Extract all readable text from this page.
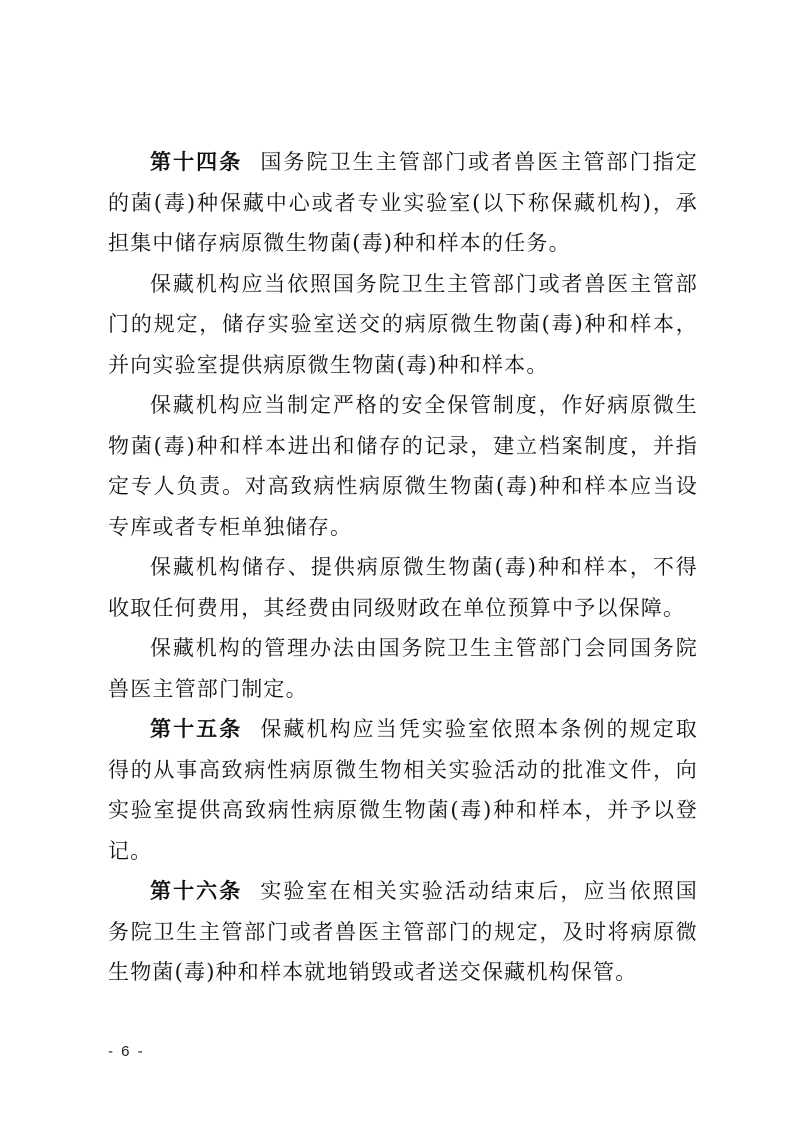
第十四条 国务院卫生主管部门或者兽医主管部门指定的菌(毒)种保藏中心或者专业实验室(以下称保藏机构)，承担集中储存病原微生物菌(毒)种和样本的任务。

保藏机构应当依照国务院卫生主管部门或者兽医主管部门的规定，储存实验室送交的病原微生物菌(毒)种和样本，并向实验室提供病原微生物菌(毒)种和样本。

保藏机构应当制定严格的安全保管制度，作好病原微生物菌(毒)种和样本进出和储存的记录，建立档案制度，并指定专人负责。对高致病性病原微生物菌(毒)种和样本应当设专库或者专柜单独储存。

保藏机构储存、提供病原微生物菌(毒)种和样本，不得收取任何费用，其经费由同级财政在单位预算中予以保障。

保藏机构的管理办法由国务院卫生主管部门会同国务院兽医主管部门制定。

第十五条 保藏机构应当凭实验室依照本条例的规定取得的从事高致病性病原微生物相关实验活动的批准文件，向实验室提供高致病性病原微生物菌(毒)种和样本，并予以登记。

第十六条 实验室在相关实验活动结束后，应当依照国务院卫生主管部门或者兽医主管部门的规定，及时将病原微生物菌(毒)种和样本就地销毁或者送交保藏机构保管。

- 6 -
